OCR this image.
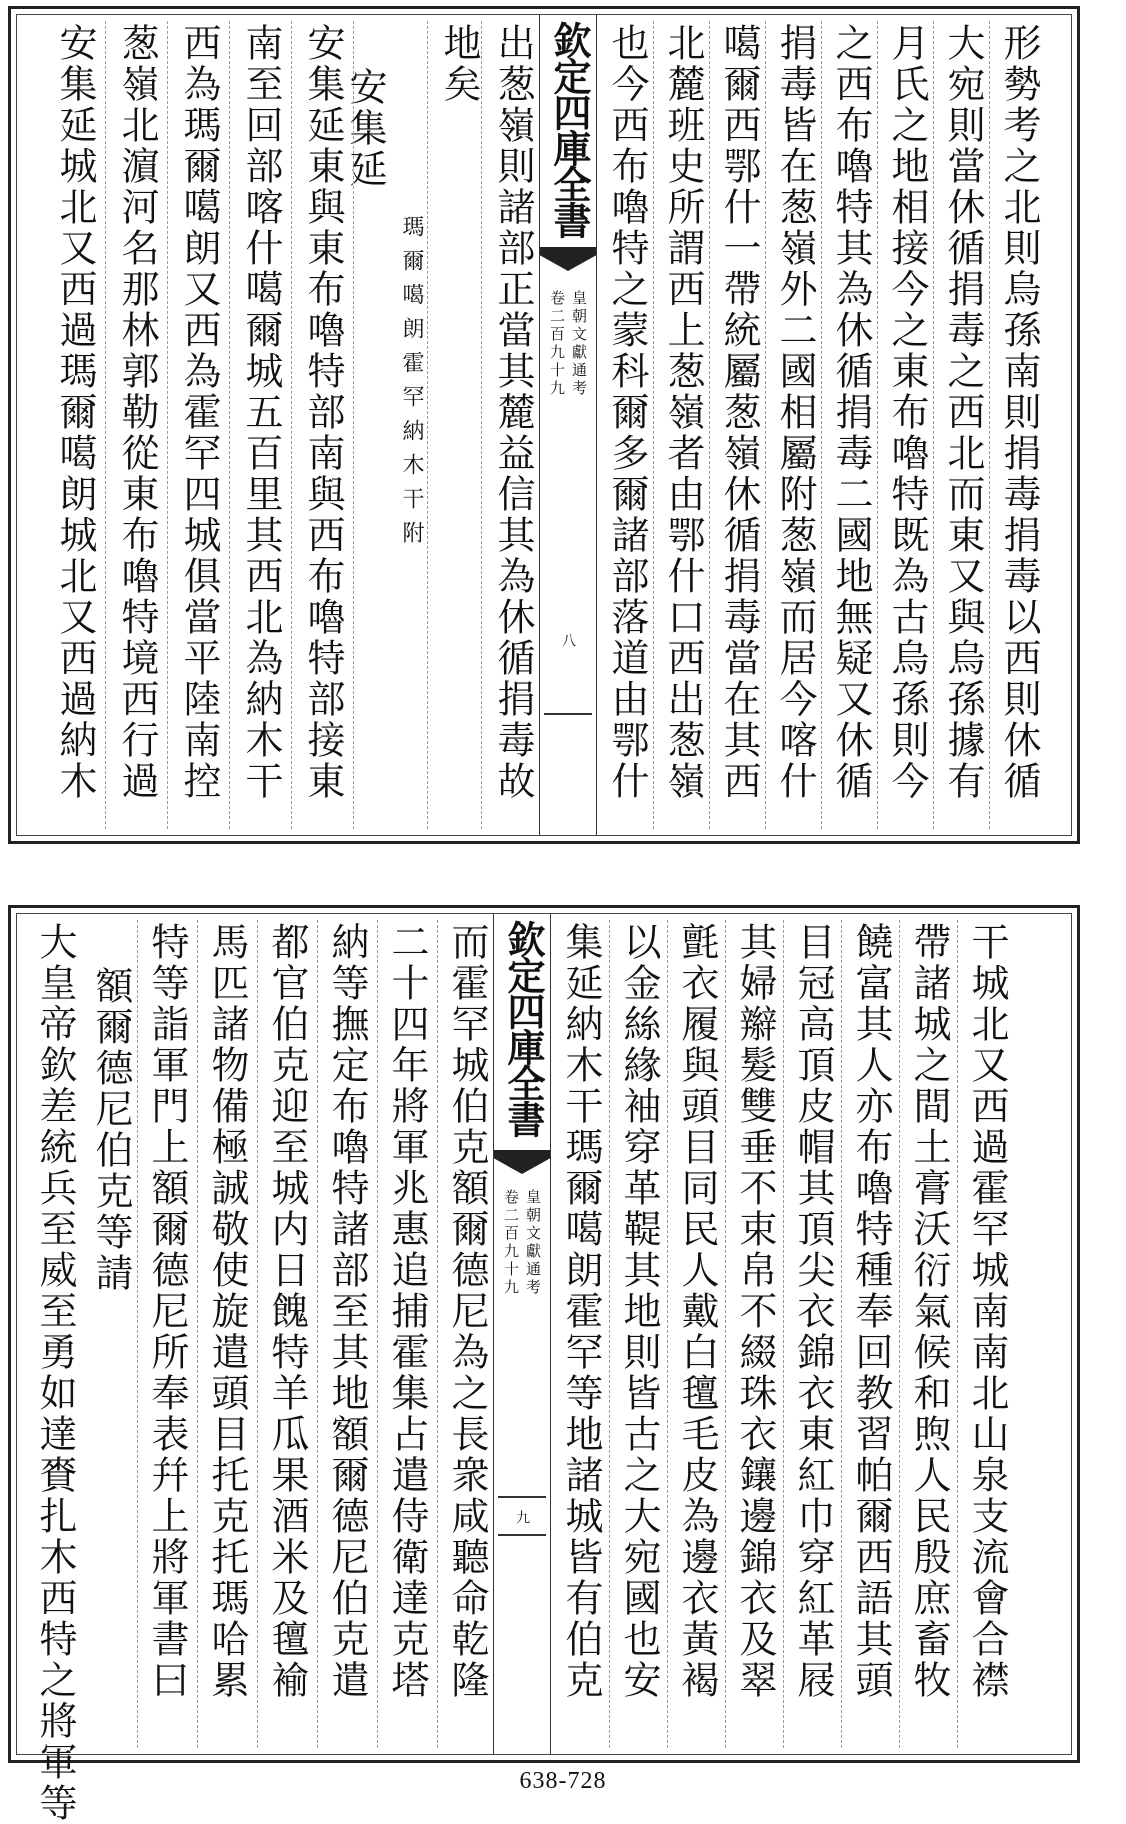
安集延城北又西過瑪爾噶朗城北又西過納木 葱嶺北濵河名那林郭勒從東布嚕特境西行過 西為瑪爾噶朗又西為霍罕四城俱當平陸南控 南至回部喀什噶爾城五百里其西北為納木干 安集延東與東布嚕特部南與西布嚕特部接東
安集延
瑪爾噶朗霍罕納木干附
地矣 出葱嶺則諸部正當其麓益信其為休循捐毒故 欽定四庫全書
皇朝文獻通考
卷二百九十九
八 也今西布嚕特之蒙科爾多爾諸部落道由鄂什 北麓班史所謂西上葱嶺者由鄂什口西出葱嶺 噶爾西鄂什一帶統屬葱嶺休循捐毒當在其西 捐毒皆在葱嶺外二國相屬附葱嶺而居今喀什 之西布嚕特其為休循捐毒二國地無疑又休循 月氏之地相接今之東布嚕特既為古烏孫則今 大宛則當休循捐毒之西北而東又與烏孫據有 形勢考之北則烏孫南則捐毒捐毒以西則休循
大皇帝欽差統兵至威至勇如達賚扎木西特之將軍等 額爾德尼伯克等請 特等詣軍門上額爾德尼所奉表幷上將軍書曰 馬匹諸物備極誠敬使旋遣頭目托克托瑪哈累 都官伯克迎至城内日餽特羊瓜果酒米及氊褕 納等撫定布嚕特諸部至其地額爾德尼伯克遣 二十四年將軍兆惠追捕霍集占遣侍衛達克塔 而霍罕城伯克額爾德尼為之長衆咸聽命乾隆 欽定四庫全書
皇朝文獻通考
卷二百九十九
九 集延納木干瑪爾噶朗霍罕等地諸城皆有伯克 以金絲緣袖穿革鞮其地則皆古之大宛國也安 氈衣履與頭目同民人戴白氊毛皮為邊衣黃褐 其婦辮髮雙垂不束帛不綴珠衣鑲邊錦衣及翠 目冠高頂皮帽其頂尖衣錦衣東紅巾穿紅革屐 饒富其人亦布嚕特種奉回教習帕爾西語其頭 帶諸城之間土膏沃衍氣候和煦人民殷庶畜牧 干城北又西過霍罕城南南北山泉支流會合襟
638-728
